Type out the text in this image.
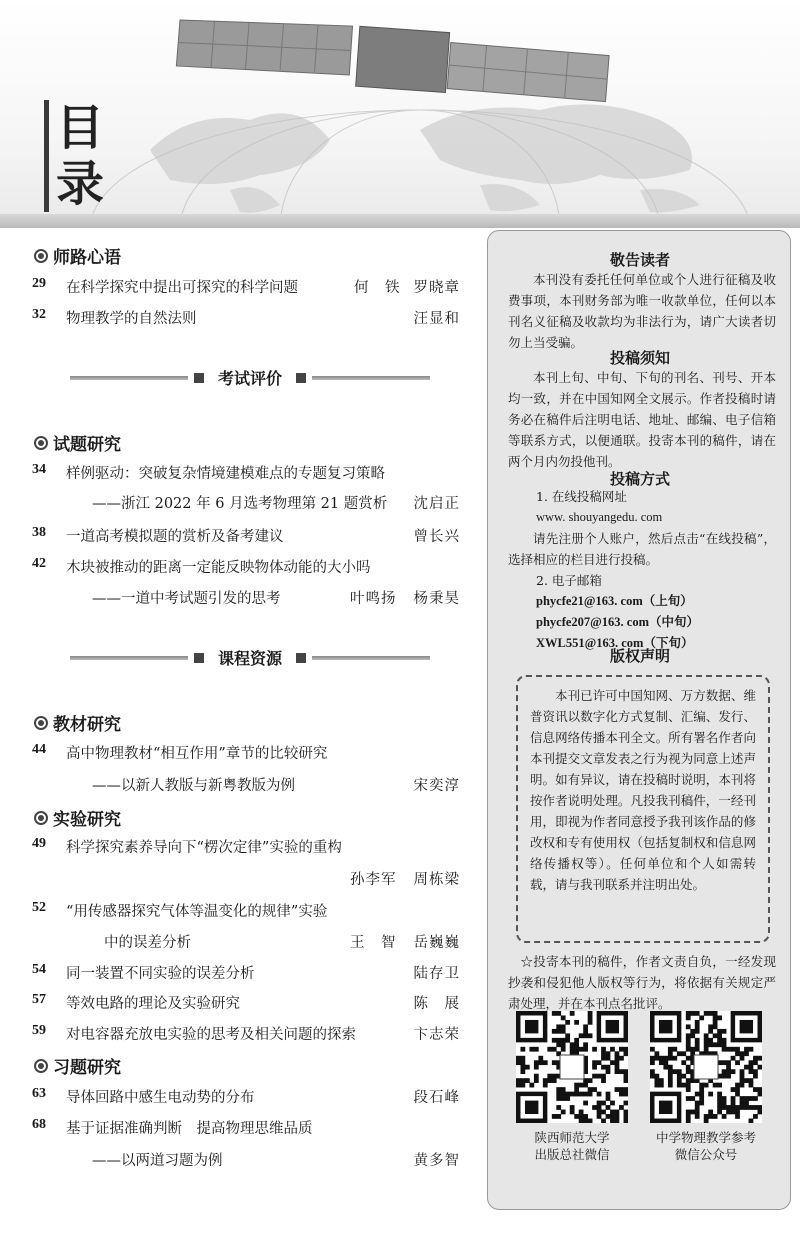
目
录
师路心语
29 在科学探究中提出可探究的科学问题	何　铁 罗晓章
32 物理教学的自然法则	汪显和
考试评价
试题研究
34 样例驱动：突破复杂情境建模难点的专题复习策略
——浙江 2022 年 6 月选考物理第 21 题赏析 沈启正
38 一道高考模拟题的赏析及备考建议	曾长兴
42 木块被推动的距离一定能反映物体动能的大小吗
——一道中考试题引发的思考	叶鸣扬 杨秉昊
课程资源
教材研究
44 高中物理教材“相互作用”章节的比较研究
——以新人教版与新粤教版为例	宋奕淳
实验研究
49 科学探究素养导向下“楞次定律”实验的重构
孙李军 周栋梁
52 “用传感器探究气体等温变化的规律”实验
中的误差分析	王　智 岳巍巍
54 同一装置不同实验的误差分析	陆存卫
57 等效电路的理论及实验研究	陈　展
59 对电容器充放电实验的思考及相关问题的探索	卞志荣
习题研究
63 导体回路中感生电动势的分布	段石峰
68 基于证据准确判断　提高物理思维品质
——以两道习题为例	黄多智
敬告读者
本刊没有委托任何单位或个人进行征稿及收费事项，本刊财务部为唯一收款单位，任何以本刊名义征稿及收款均为非法行为，请广大读者切勿上当受骗。
投稿须知
本刊上旬、中旬、下旬的刊名、刊号、开本均一致，并在中国知网全文展示。作者投稿时请务必在稿件后注明电话、地址、邮编、电子信箱等联系方式，以便通联。投寄本刊的稿件，请在两个月内勿投他刊。
投稿方式
1. 在线投稿网址
www. shouyangedu. com
请先注册个人账户，然后点击“在线投稿”，选择相应的栏目进行投稿。
2. 电子邮箱
phycfe21@163. com（上旬）
phycfe207@163. com（中旬）
XWL551@163. com（下旬）
版权声明
本刊已许可中国知网、万方数据、维普资讯以数字化方式复制、汇编、发行、信息网络传播本刊全文。所有署名作者向本刊提交文章发表之行为视为同意上述声明。如有异议，请在投稿时说明，本刊将按作者说明处理。凡投我刊稿件，一经刊用，即视为作者同意授予我刊该作品的修改权和专有使用权（包括复制权和信息网络传播权等）。任何单位和个人如需转载，请与我刊联系并注明出处。
☆投寄本刊的稿件，作者文责自负，一经发现抄袭和侵犯他人版权等行为，将依据有关规定严肃处理，并在本刊点名批评。
陕西师范大学
出版总社微信
中学物理教学参考
微信公众号
